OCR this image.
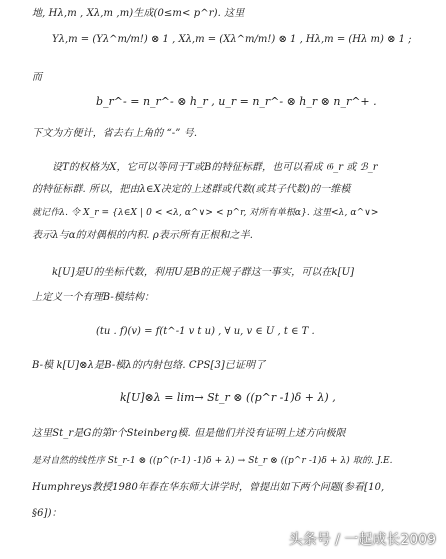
地, Hλ,m , Xλ,m ,m)生成(0≤m< p^r). 这里
Yλ,m = (Yλ^m/m!) ⊗ 1 , Xλ,m = (Xλ^m/m!) ⊗ 1 , Hλ,m = (Hλ m) ⊗ 1 ;
而
b_r^- = n_r^- ⊗ h_r , u_r = n_r^- ⊗ h_r ⊗ n_r^+ .
下文为方便计，省去右上角的 “-” 号.
设T的权格为X，它可以等同于T或B的特征标群，也可以看成 𝔊_r 或 ℬ_r
的特征标群. 所以，把由λ∈X决定的上述群或代数(或其子代数)的一维模
就记作λ. 令 X_r = {λ∈X | 0 < <λ, α^∨> < p^r, 对所有单根α}. 这里<λ, α^∨>
表示λ与α的对偶根的内积. ρ表示所有正根和之半.
k[U]是U的坐标代数，利用U是B的正规子群这一事实，可以在k[U]
上定义一个有理B-模结构：
(tu . f)(v) = f(t^-1 v t u) , ∀ u, v ∈ U , t ∈ T .
B-模 k[U]⊗λ是B-模λ的内射包络. CPS[3]已证明了
k[U]⊗λ = lim→ St_r ⊗ ((p^r -1)δ + λ) ,
这里St_r是G的第r个Steinberg模. 但是他们并没有证明上述方向极限
是对自然的线性序 St_r-1 ⊗ ((p^(r-1) -1)δ + λ) → St_r ⊗ ((p^r -1)δ + λ) 取的. J.E.
Humphreys教授1980年春在华东师大讲学时，曾提出如下两个问题(参看[10,
§6])：
头条号 / 一起成长2009
